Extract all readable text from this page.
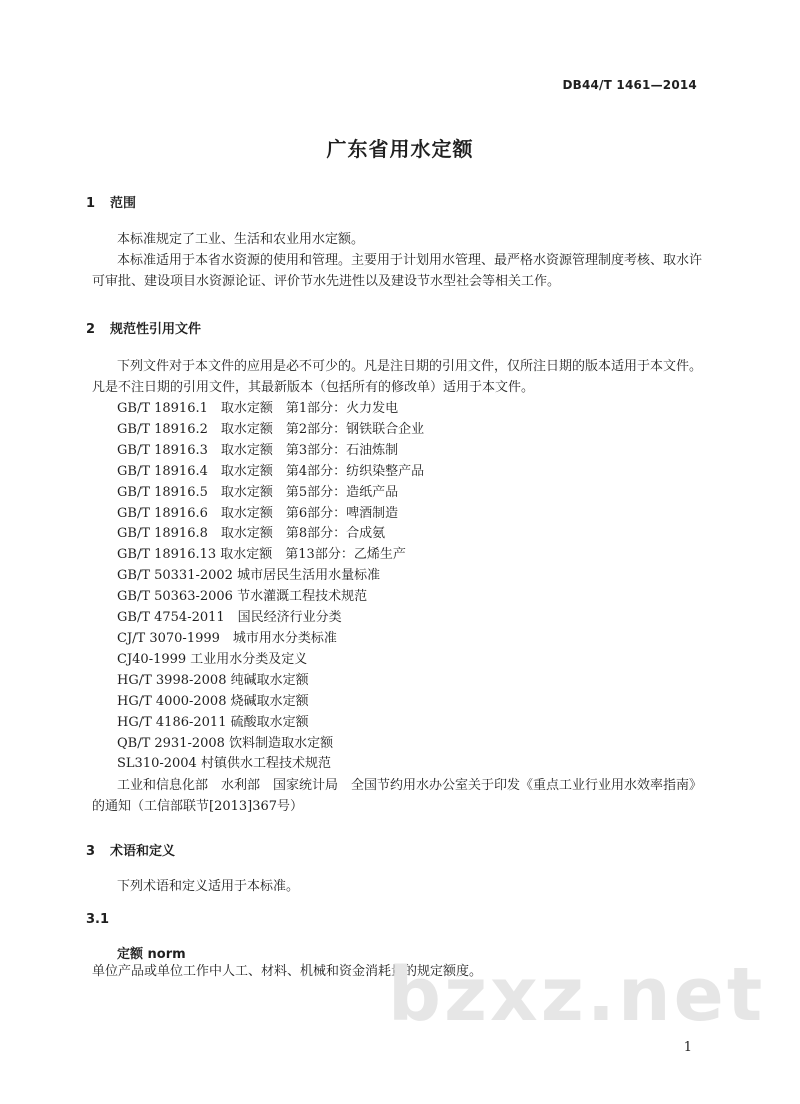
DB44/T 1461—2014
广东省用水定额
1 范围

本标准规定了工业、生活和农业用水定额。

本标准适用于本省水资源的使用和管理。主要用于计划用水管理、最严格水资源管理制度考核、取水许可审批、建设项目水资源论证、评价节水先进性以及建设节水型社会等相关工作。

2 规范性引用文件

下列文件对于本文件的应用是必不可少的。凡是注日期的引用文件，仅所注日期的版本适用于本文件。凡是不注日期的引用文件，其最新版本（包括所有的修改单）适用于本文件。

GB/T 18916.1　取水定额　第1部分：火力发电
GB/T 18916.2　取水定额　第2部分：钢铁联合企业
GB/T 18916.3　取水定额　第3部分：石油炼制
GB/T 18916.4　取水定额　第4部分：纺织染整产品
GB/T 18916.5　取水定额　第5部分：造纸产品
GB/T 18916.6　取水定额　第6部分：啤酒制造
GB/T 18916.8　取水定额　第8部分：合成氨
GB/T 18916.13 取水定额　第13部分：乙烯生产
GB/T 50331-2002 城市居民生活用水量标准
GB/T 50363-2006 节水灌溉工程技术规范
GB/T 4754-2011　国民经济行业分类
CJ/T 3070-1999　城市用水分类标准
CJ40-1999 工业用水分类及定义
HG/T 3998-2008 纯碱取水定额
HG/T 4000-2008 烧碱取水定额
HG/T 4186-2011 硫酸取水定额
QB/T 2931-2008 饮料制造取水定额
SL310-2004 村镇供水工程技术规范

工业和信息化部　水利部　国家统计局　全国节约用水办公室关于印发《重点工业行业用水效率指南》的通知（工信部联节[2013]367号）

3 术语和定义

下列术语和定义适用于本标准。

3.1
定额 norm
单位产品或单位工作中人工、材料、机械和资金消耗量的规定额度。
bzxz.net
1
